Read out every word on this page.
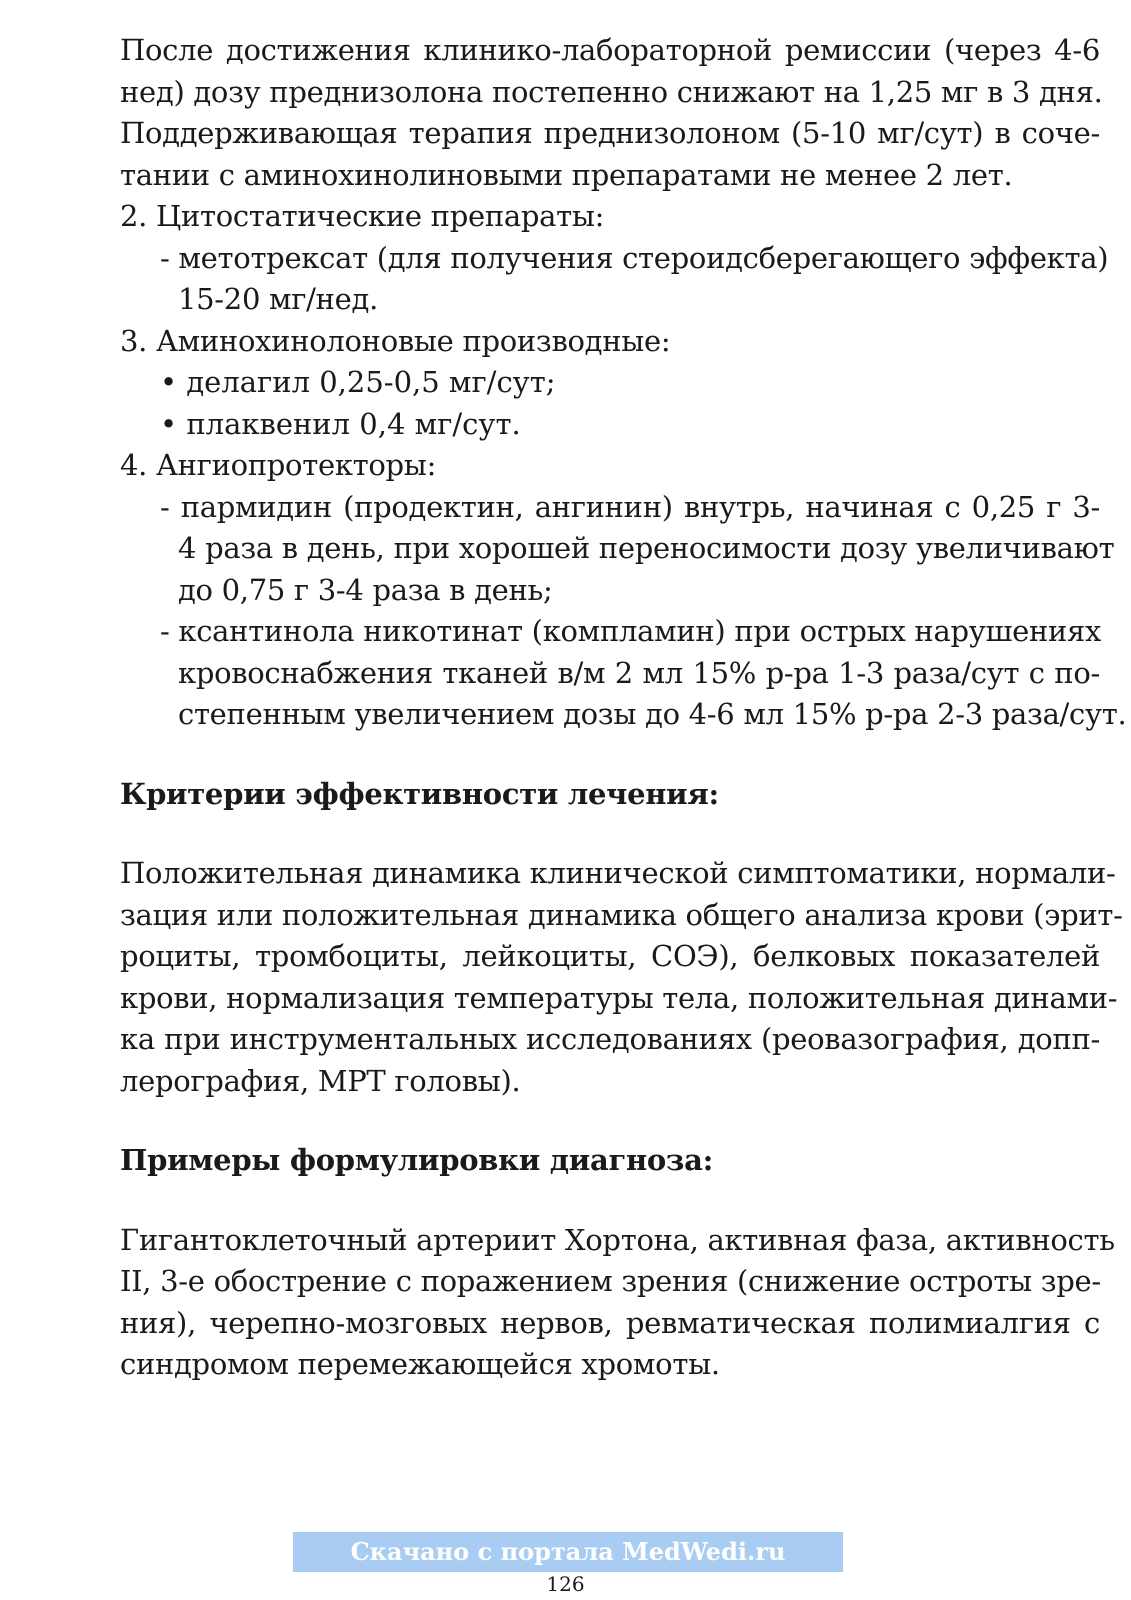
После достижения клинико-лабораторной ремиссии (через 4-6
нед) дозу преднизолона постепенно снижают на 1,25 мг в 3 дня.
Поддерживающая терапия преднизолоном (5-10 мг/сут) в соче-
тании с аминохинолиновыми препаратами не менее 2 лет.
2. Цитостатические препараты:
- метотрексат (для получения стероидсберегающего эффекта)
15-20 мг/нед.
3. Аминохинолоновые производные:
• делагил 0,25-0,5 мг/сут;
• плаквенил 0,4 мг/сут.
4. Ангиопротекторы:
- пармидин (продектин, ангинин) внутрь, начиная с 0,25 г 3-
4 раза в день, при хорошей переносимости дозу увеличивают
до 0,75 г 3-4 раза в день;
- ксантинола никотинат (компламин) при острых нарушениях
кровоснабжения тканей в/м 2 мл 15% р-ра 1-3 раза/сут с по-
степенным увеличением дозы до 4-6 мл 15% р-ра 2-3 раза/сут.
Критерии эффективности лечения:
Положительная динамика клинической симптоматики, нормали-
зация или положительная динамика общего анализа крови (эрит-
роциты, тромбоциты, лейкоциты, СОЭ), белковых показателей
крови, нормализация температуры тела, положительная динами-
ка при инструментальных исследованиях (реовазография, допп-
лерография, МРТ головы).
Примеры формулировки диагноза:
Гигантоклеточный артериит Хортона, активная фаза, активность
II, 3-е обострение с поражением зрения (снижение остроты зре-
ния), черепно-мозговых нервов, ревматическая полимиалгия с
синдромом перемежающейся хромоты.
Скачано с портала MedWedi.ru
126
